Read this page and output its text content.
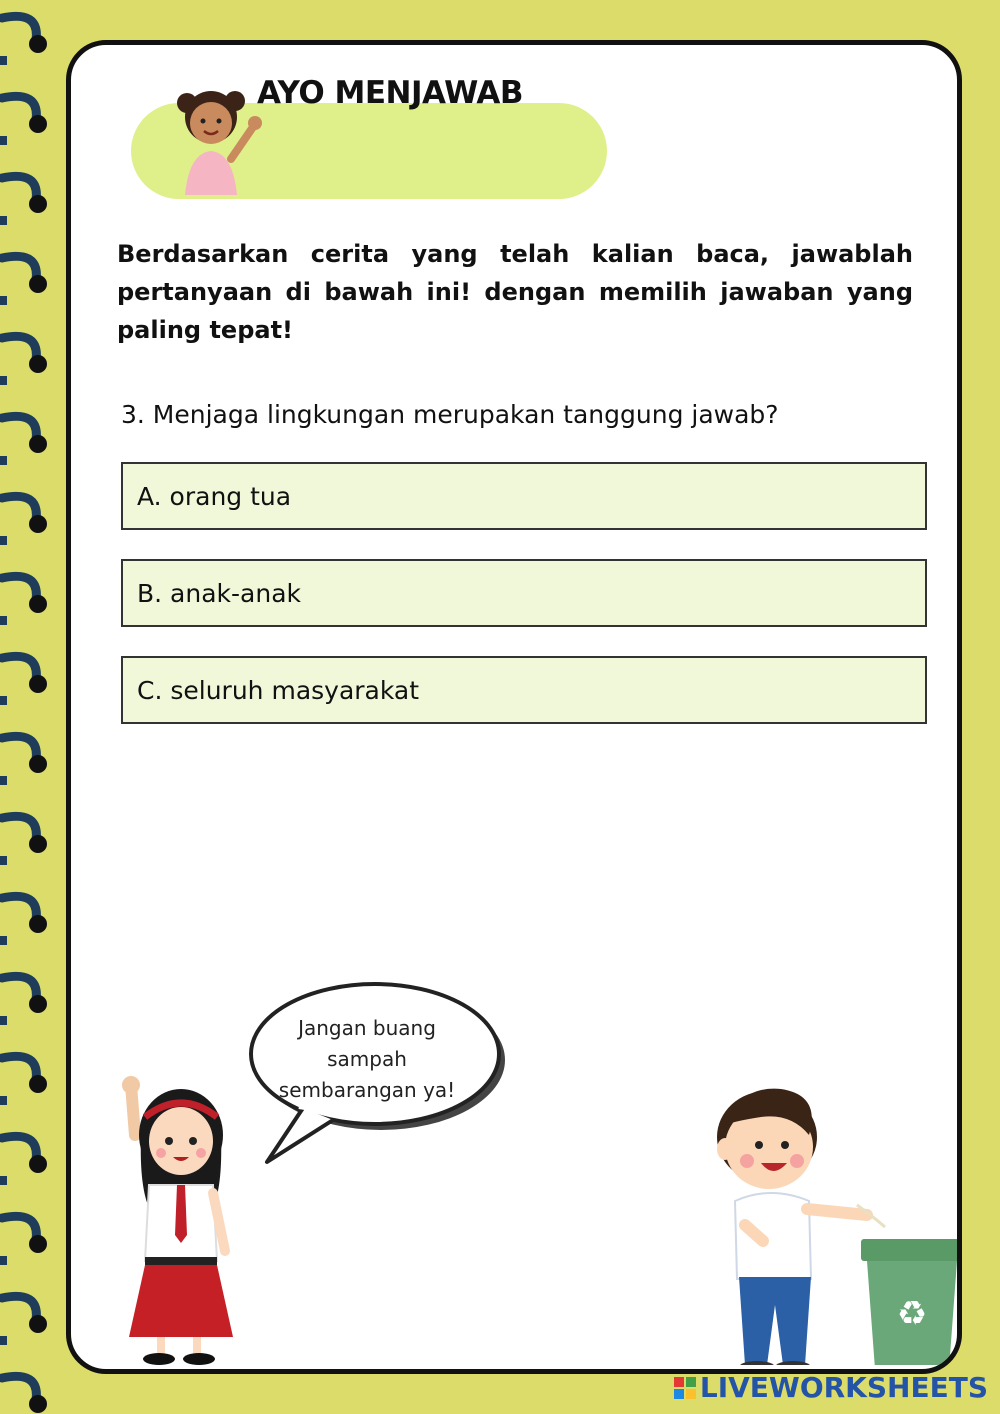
AYO MENJAWAB
Berdasarkan cerita yang telah kalian baca, jawablah pertanyaan di bawah ini! dengan memilih jawaban yang paling tepat!
3. Menjaga lingkungan merupakan tanggung jawab?
A. orang tua
B. anak-anak
C. seluruh masyarakat
Jangan buang
sampah
sembarangan ya!
♻
LIVEWORKSHEETS
